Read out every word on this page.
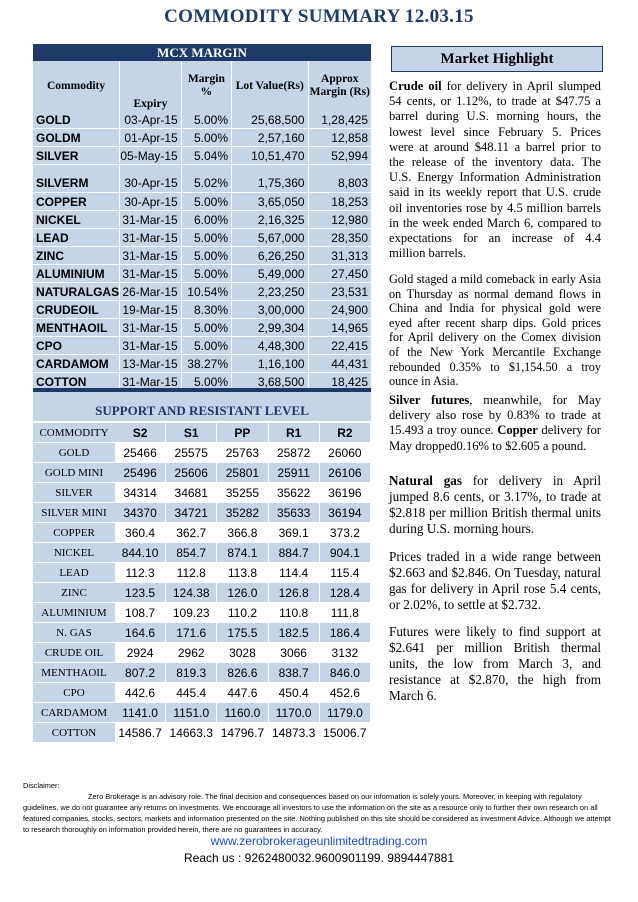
COMMODITY SUMMARY 12.03.15
MCX MARGIN				
Commodity	Expiry	Margin %	Lot Value(Rs)	Approx Margin (Rs)
GOLD	03-Apr-15	5.00%	25,68,500	1,28,425
GOLDM	01-Apr-15	5.00%	2,57,160	12,858
SILVER	05-May-15	5.04%	10,51,470	52,994
SILVERM	30-Apr-15	5.02%	1,75,360	8,803
COPPER	30-Apr-15	5.00%	3,65,050	18,253
NICKEL	31-Mar-15	6.00%	2,16,325	12,980
LEAD	31-Mar-15	5.00%	5,67,000	28,350
ZINC	31-Mar-15	5.00%	6,26,250	31,313
ALUMINIUM	31-Mar-15	5.00%	5,49,000	27,450
NATURALGAS	26-Mar-15	10.54%	2,23,250	23,531
CRUDEOIL	19-Mar-15	8.30%	3,00,000	24,900
MENTHAOIL	31-Mar-15	5.00%	2,99,304	14,965
CPO	31-Mar-15	5.00%	4,48,300	22,415
CARDAMOM	13-Mar-15	38.27%	1,16,100	44,431
COTTON	31-Mar-15	5.00%	3,68,500	18,425

SUPPORT AND RESISTANT LEVEL
COMMODITY	S2	S1	PP	R1	R2
GOLD	25466	25575	25763	25872	26060
GOLD MINI	25496	25606	25801	25911	26106
SILVER	34314	34681	35255	35622	36196
SILVER MINI	34370	34721	35282	35633	36194
COPPER	360.4	362.7	366.8	369.1	373.2
NICKEL	844.10	854.7	874.1	884.7	904.1
LEAD	112.3	112.8	113.8	114.4	115.4
ZINC	123.5	124.38	126.0	126.8	128.4
ALUMINIUM	108.7	109.23	110.2	110.8	111.8
N. GAS	164.6	171.6	175.5	182.5	186.4
CRUDE OIL	2924	2962	3028	3066	3132
MENTHAOIL	807.2	819.3	826.6	838.7	846.0
CPO	442.6	445.4	447.6	450.4	452.6
CARDAMOM	1141.0	1151.0	1160.0	1170.0	1179.0
COTTON	14586.7	14663.3	14796.7	14873.3	15006.7
Market Highlight
Crude oil for delivery in April slumped 54 cents, or 1.12%, to trade at $47.75 a barrel during U.S. morning hours, the lowest level since February 5. Prices were at around $48.11 a barrel prior to the release of the inventory data. The U.S. Energy Information Administration said in its weekly report that U.S. crude oil inventories rose by 4.5 million barrels in the week ended March 6, compared to expectations for an increase of 4.4 million barrels.
Gold staged a mild comeback in early Asia on Thursday as normal demand flows in China and India for physical gold were eyed after recent sharp dips. Gold prices for April delivery on the Comex division of the New York Mercantile Exchange rebounded 0.35% to $1,154.50 a troy ounce in Asia.
Silver futures, meanwhile, for May delivery also rose by 0.83% to trade at 15.493 a troy ounce. Copper delivery for May dropped0.16% to $2.605 a pound.
Natural gas for delivery in April jumped 8.6 cents, or 3.17%, to trade at $2.818 per million British thermal units during U.S. morning hours.
Prices traded in a wide range between $2.663 and $2.846. On Tuesday, natural gas for delivery in April rose 5.4 cents, or 2.02%, to settle at $2.732.
Futures were likely to find support at $2.641 per million British thermal units, the low from March 3, and resistance at $2.870, the high from March 6.
Disclaimer:
Zero Brokerage is an advisory role. The final decision and consequences based on our information is solely yours. Moreover, in keeping with regulatory guidelines, we do not guarantee any returns on investments. We encourage all investors to use the information on the site as a resource only to further their own research on all featured companies, stocks, sectors, markets and information presented on the site. Nothing published on this site should be considered as investment Advice. Although we attempt to research thoroughly on information provided herein, there are no guarantees in accuracy.
www.zerobrokerageunlimitedtrading.com
Reach us : 9262480032.9600901199. 9894447881
